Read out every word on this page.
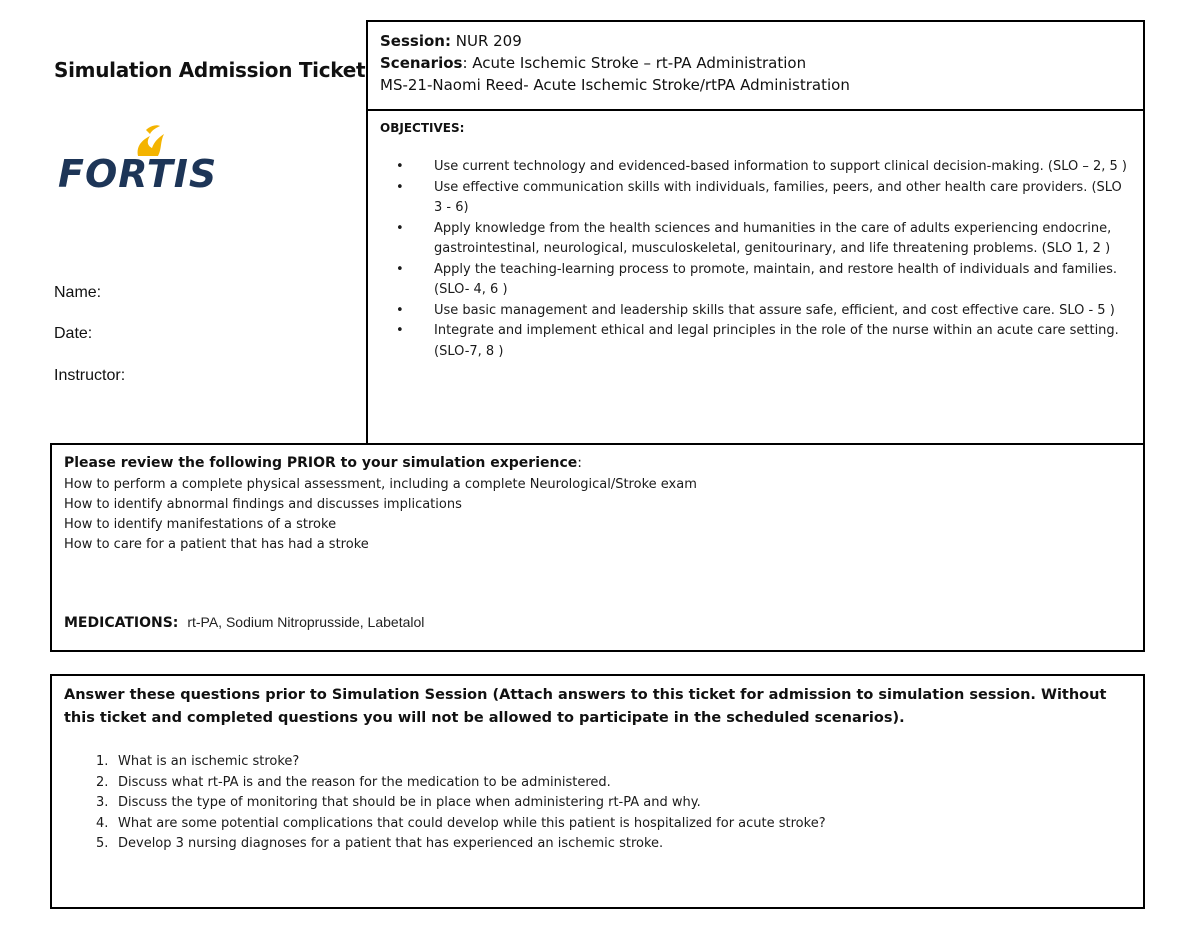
Simulation Admission Ticket
FORTIS
Name:
Date:
Instructor:
Session: NUR 209
Scenarios: Acute Ischemic Stroke – rt-PA Administration
MS-21-Naomi Reed- Acute Ischemic Stroke/rtPA Administration
OBJECTIVES:
• Use current technology and evidenced-based information to support clinical decision-making. (SLO – 2, 5 )
• Use effective communication skills with individuals, families, peers, and other health care providers. (SLO 3 - 6)
• Apply knowledge from the health sciences and humanities in the care of adults experiencing endocrine, gastrointestinal, neurological, musculoskeletal, genitourinary, and life threatening problems. (SLO 1, 2 )
• Apply the teaching-learning process to promote, maintain, and restore health of individuals and families. (SLO- 4, 6 )
• Use basic management and leadership skills that assure safe, efficient, and cost effective care. SLO - 5 )
• Integrate and implement ethical and legal principles in the role of the nurse within an acute care setting. (SLO-7, 8 )
Please review the following PRIOR to your simulation experience:
How to perform a complete physical assessment, including a complete Neurological/Stroke exam
How to identify abnormal findings and discusses implications
How to identify manifestations of a stroke
How to care for a patient that has had a stroke
MEDICATIONS: rt-PA, Sodium Nitroprusside, Labetalol
Answer these questions prior to Simulation Session (Attach answers to this ticket for admission to simulation session. Without this ticket and completed questions you will not be allowed to participate in the scheduled scenarios).
1. What is an ischemic stroke?
2. Discuss what rt-PA is and the reason for the medication to be administered.
3. Discuss the type of monitoring that should be in place when administering rt-PA and why.
4. What are some potential complications that could develop while this patient is hospitalized for acute stroke?
5. Develop 3 nursing diagnoses for a patient that has experienced an ischemic stroke.
